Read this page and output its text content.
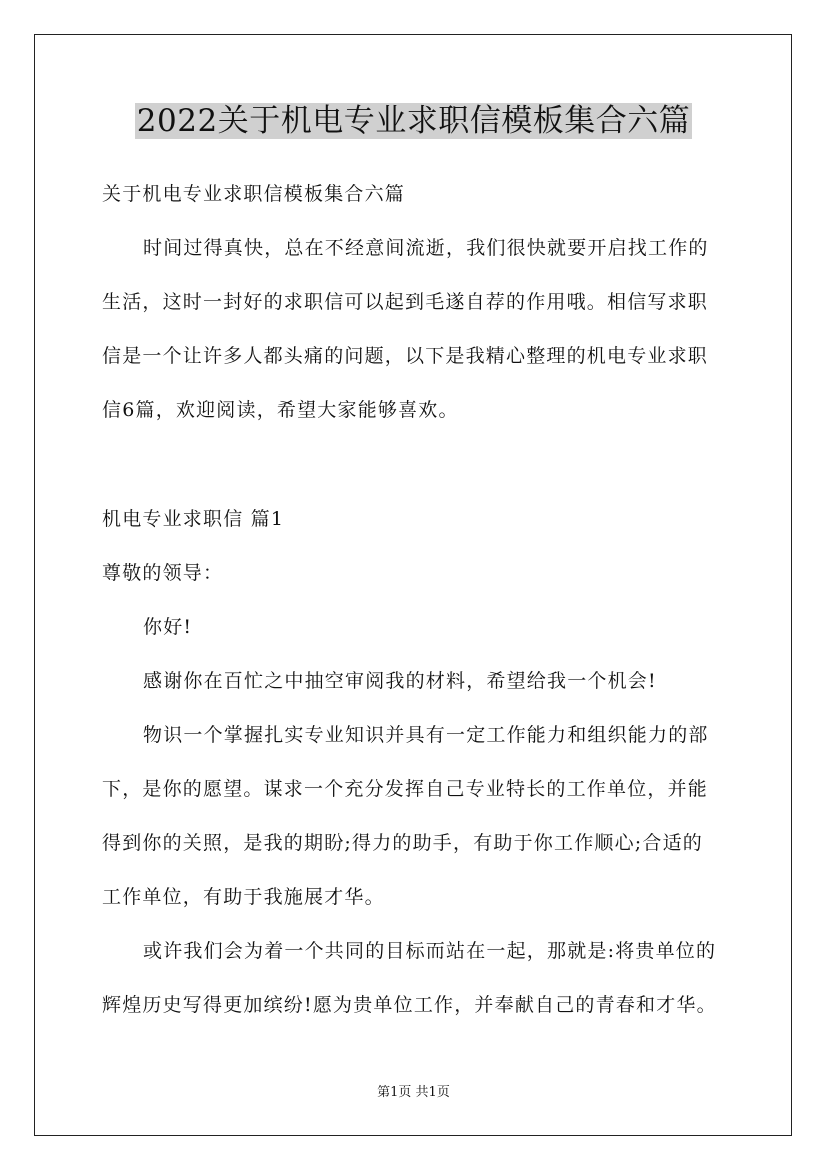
2022关于机电专业求职信模板集合六篇
关于机电专业求职信模板集合六篇
时间过得真快，总在不经意间流逝，我们很快就要开启找工作的
生活，这时一封好的求职信可以起到毛遂自荐的作用哦。相信写求职
信是一个让许多人都头痛的问题，以下是我精心整理的机电专业求职
信6篇，欢迎阅读，希望大家能够喜欢。
机电专业求职信 篇1
尊敬的领导：
你好!
感谢你在百忙之中抽空审阅我的材料，希望给我一个机会!
物识一个掌握扎实专业知识并具有一定工作能力和组织能力的部
下，是你的愿望。谋求一个充分发挥自己专业特长的工作单位，并能
得到你的关照，是我的期盼;得力的助手，有助于你工作顺心;合适的
工作单位，有助于我施展才华。
或许我们会为着一个共同的目标而站在一起，那就是:将贵单位的
辉煌历史写得更加缤纷!愿为贵单位工作，并奉献自己的青春和才华。
第1页 共1页
